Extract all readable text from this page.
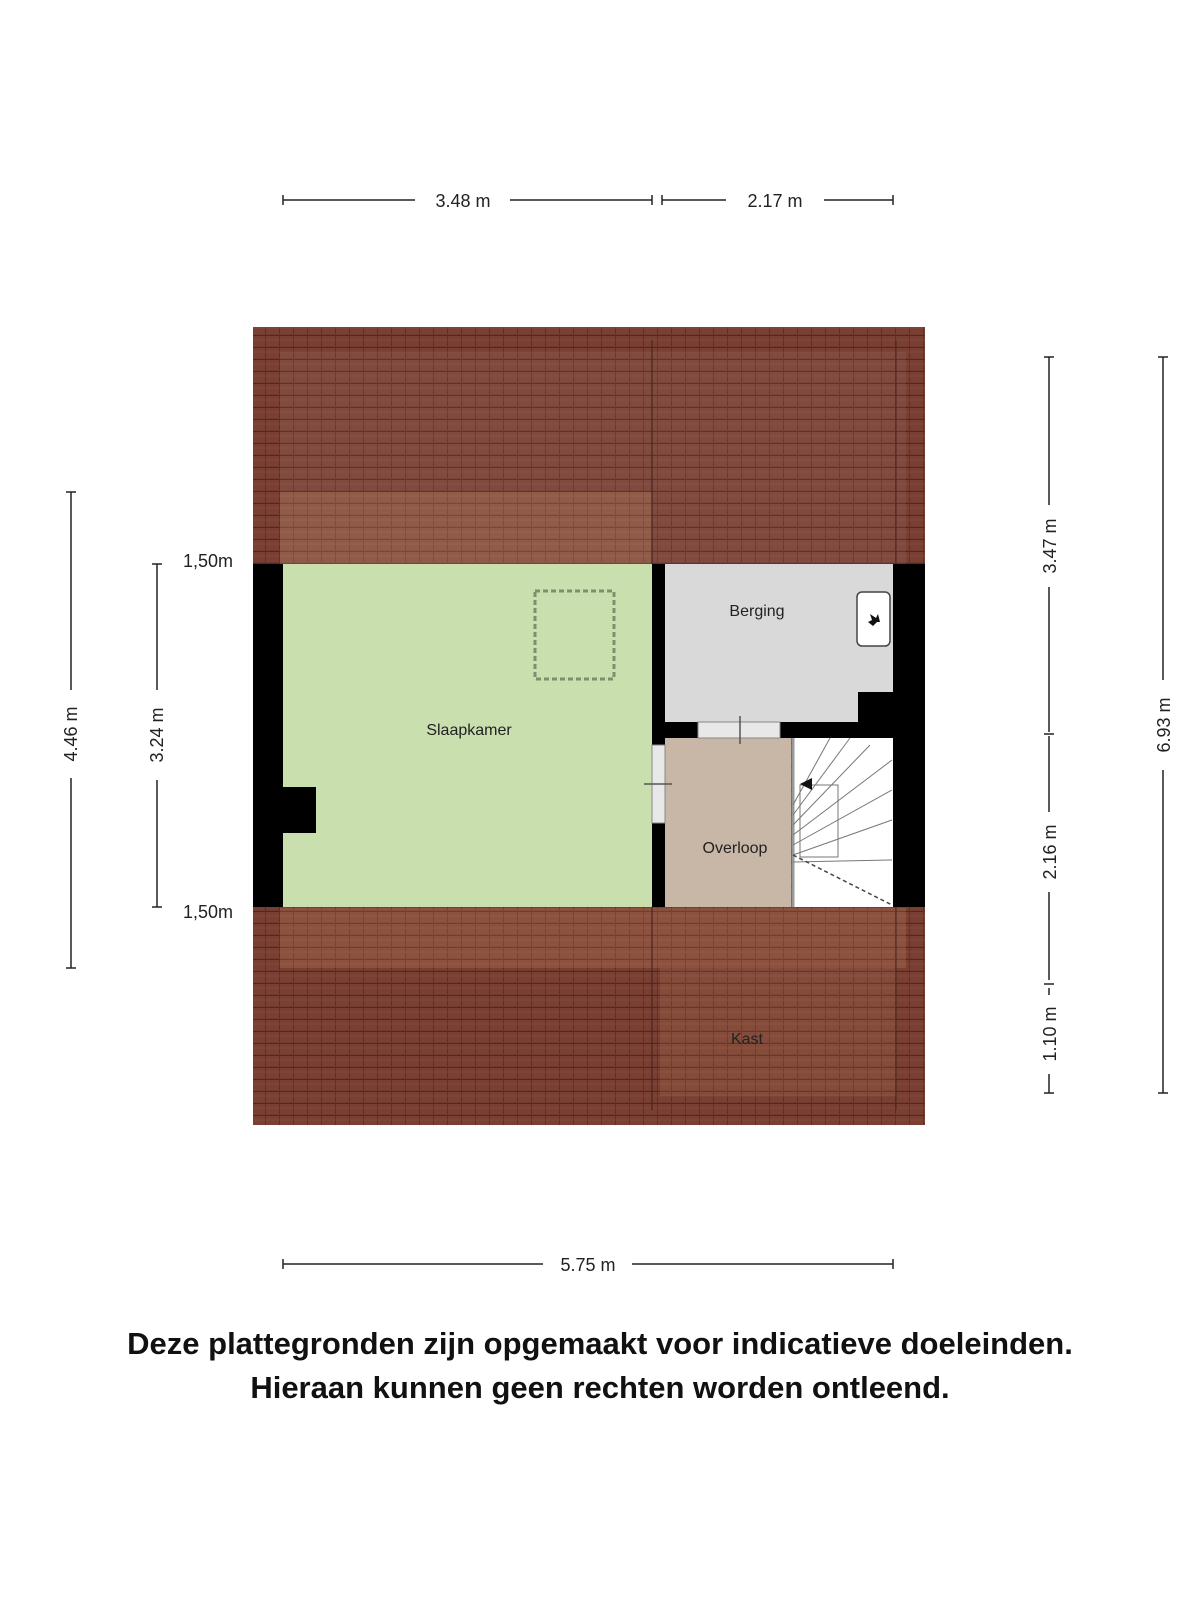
Slaapkamer
Berging
Overloop
Kast
3.48 m	2.17 m
5.75 m
4.46 m	3.24 m
1,50m
1,50m
3.47 m
2.16 m
1.10 m
6.93 m
Deze plattegronden zijn opgemaakt voor indicatieve doeleinden.
Hieraan kunnen geen rechten worden ontleend.
